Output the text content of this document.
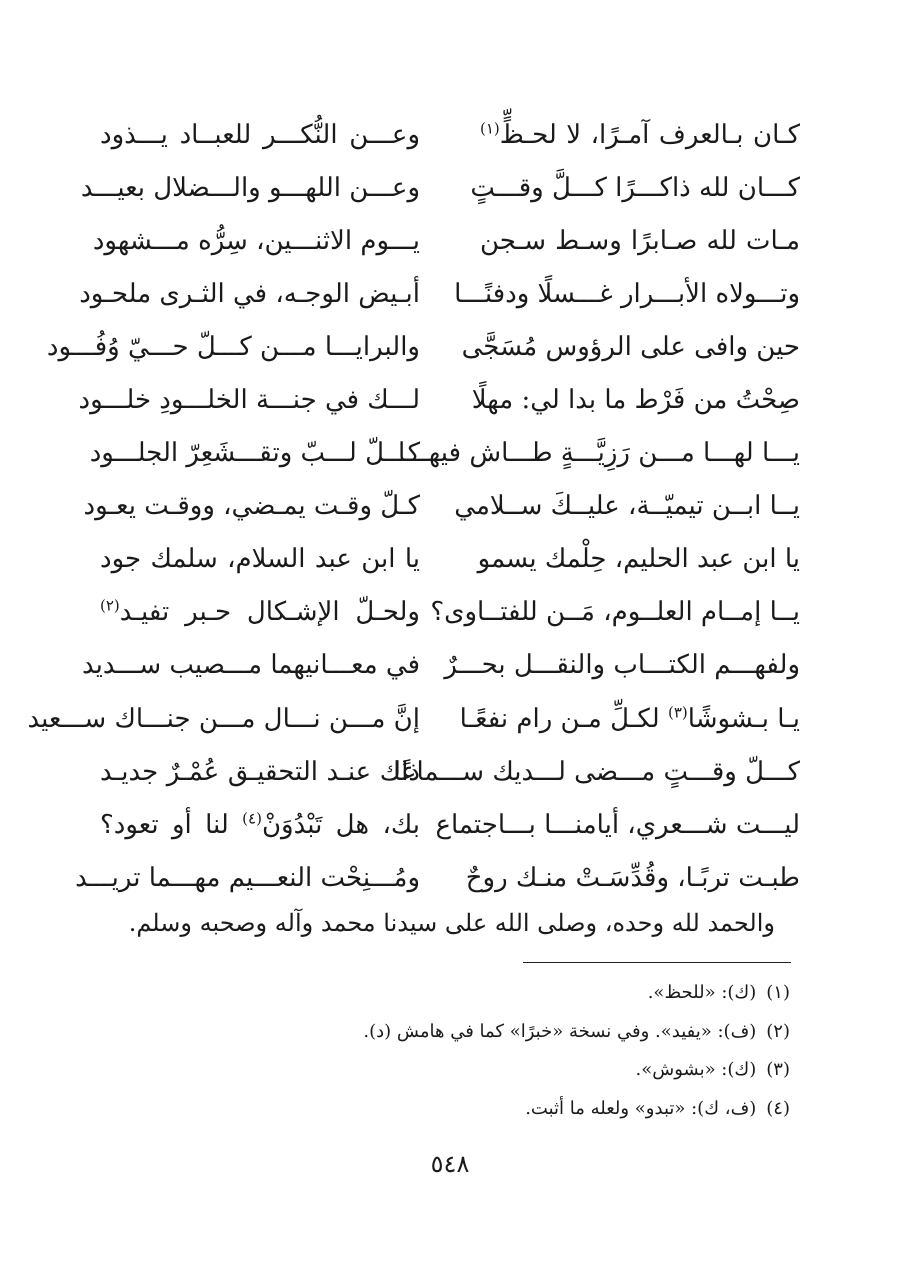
كـان بـالعرف آمـرًا، لا لحـظٍّ$^{(١)}$
وعـــن النُّكـــر للعبــاد يـــذود
كـــان لله ذاكـــرًا كـــلَّ وقـــتٍ
وعـــن اللهـــو والـــضلال بعيـــد
مـات لله صـابرًا وسـط سـجن
يـــوم الاثنـــين، سِرُّه مـــشهود
وتـــولاه الأبـــرار غـــسلًا ودفنًـــا
أبـيض الوجـه، في الثـرى ملحـود
حين وافى على الرؤوس مُسَجَّى
والبرايـــا مـــن كـــلّ حـــيّ وُفُـــود
صِحْتُ من فَرْط ما بدا لي: مهلًا
لـــك في جنـــة الخلـــودِ خلـــود
يـــا لهـــا مـــن رَزِيَّـــةٍ طـــاش فيهـــا
كـــلّ لـــبّ وتقـــشَعِرّ الجلـــود
يــا ابــن تيميّــة، عليــكَ ســلامي
كـلّ وقـت يمـضي، ووقـت يعـود
يا ابن عبد الحليم، حِلْمك يسمو
يا ابن عبد السلام، سلمك جود
يــا إمــام العلــوم، مَــن للفتــاوى؟
ولحـلّ الإشـكال حـبر تفيـد$^{(٢)}$
ولفهـــم الكتـــاب والنقـــل بحـــرٌ
في معـــانيهما مـــصيب ســـديد
يـا بـشوشًا$^{(٣)}$ لكـلِّ مـن رام نفعًـا
إنَّ مـــن نـــال مـــن جنـــاك ســـعيد
كـــلّ وقـــتٍ مـــضى لـــديك ســـماعًا
ذاك عنـد التحقيـق عُمْـرٌ جديـد
ليـــت شـــعري، أيامنـــا بـــاجتماع
بك، هل تَبْدُوَنْ$^{(٤)}$ لنا أو تعود؟
طبـت تربًـا، وقُدِّسَـتْ منـك روحٌ
ومُـــنِحْت النعـــيم مهـــما تريـــد
والحمد لله وحده، وصلى الله على سيدنا محمد وآله وصحبه وسلم.
(١)(ك): «للحظ».
(٢)(ف): «يفيد». وفي نسخة «خبرًا» كما في هامش (د).
(٣)(ك): «بشوش».
(٤)(ف، ك): «تبدو» ولعله ما أثبت.
٥٤٨
